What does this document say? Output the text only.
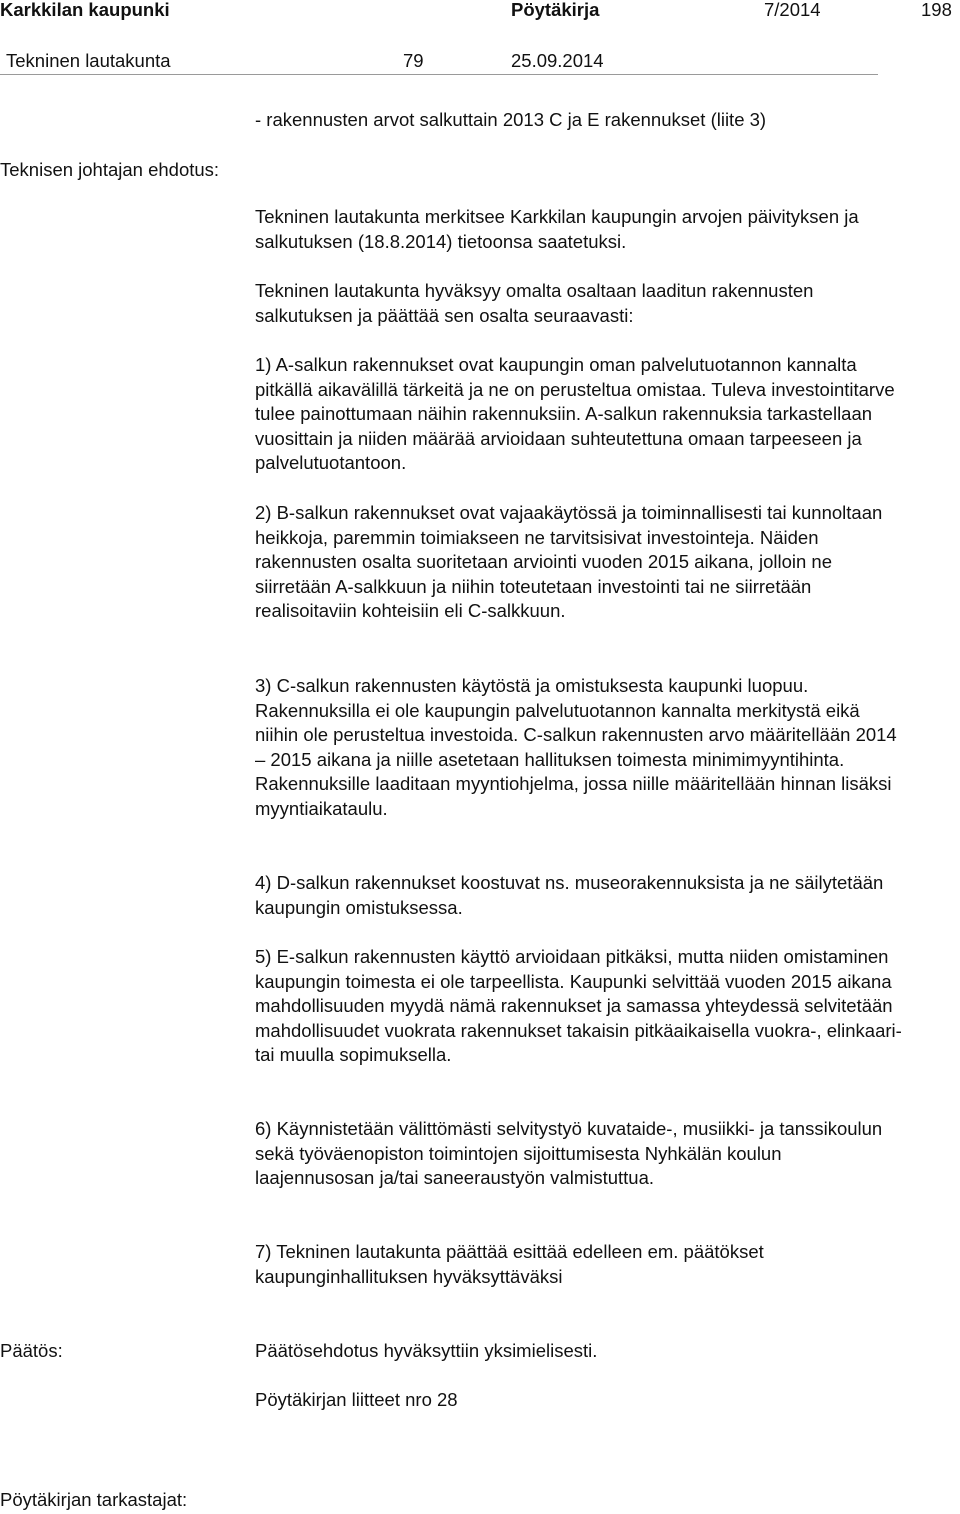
Karkkilan kaupunki	Pöytäkirja	7/2014	198
Tekninen lautakunta	79	25.09.2014
- rakennusten arvot salkuttain 2013 C ja E rakennukset (liite 3)
Teknisen johtajan ehdotus:

Tekninen lautakunta merkitsee Karkkilan kaupungin arvojen päivityksen ja salkutuksen (18.8.2014) tietoonsa saatetuksi.

Tekninen lautakunta hyväksyy omalta osaltaan laaditun rakennusten salkutuksen ja päättää sen osalta seuraavasti:

1) A-salkun rakennukset ovat kaupungin oman palvelutuotannon kannalta pitkällä aikavälillä tärkeitä ja ne on perusteltua omistaa. Tuleva investointitarve tulee painottumaan näihin rakennuksiin. A-salkun rakennuksia tarkastellaan vuosittain ja niiden määrää arvioidaan suhteutettuna omaan tarpeeseen ja palvelutuotantoon.

2) B-salkun rakennukset ovat vajaakäytössä ja toiminnallisesti tai kunnoltaan heikkoja, paremmin toimiakseen ne tarvitsisivat investointeja. Näiden rakennusten osalta suoritetaan arviointi vuoden 2015 aikana, jolloin ne siirretään A-salkkuun ja niihin toteutetaan investointi tai ne siirretään realisoitaviin kohteisiin eli C-salkkuun.

3) C-salkun rakennusten käytöstä ja omistuksesta kaupunki luopuu. Rakennuksilla ei ole kaupungin palvelutuotannon kannalta merkitystä eikä niihin ole perusteltua investoida. C-salkun rakennusten arvo määritellään 2014 – 2015 aikana ja niille asetetaan hallituksen toimesta minimimyyntihinta. Rakennuksille laaditaan myyntiohjelma, jossa niille määritellään hinnan lisäksi myyntiaikataulu.

4) D-salkun rakennukset koostuvat ns. museorakennuksista ja ne säilytetään kaupungin omistuksessa.

5) E-salkun rakennusten käyttö arvioidaan pitkäksi, mutta niiden omistaminen kaupungin toimesta ei ole tarpeellista. Kaupunki selvittää vuoden 2015 aikana mahdollisuuden myydä nämä rakennukset ja samassa yhteydessä selvitetään mahdollisuudet vuokrata rakennukset takaisin pitkäaikaisella vuokra-, elinkaari-tai muulla sopimuksella.

6) Käynnistetään välittömästi selvitystyö kuvataide-, musiikki- ja tanssikoulun sekä työväenopiston toimintojen sijoittumisesta Nyhkälän koulun laajennusosan ja/tai saneeraustyön valmistuttua.

7) Tekninen lautakunta päättää esittää edelleen em. päätökset kaupunginhallituksen hyväksyttäväksi

Päätös:	Päätösehdotus hyväksyttiin yksimielisesti.
Pöytäkirjan liitteet nro 28
Pöytäkirjan tarkastajat:
